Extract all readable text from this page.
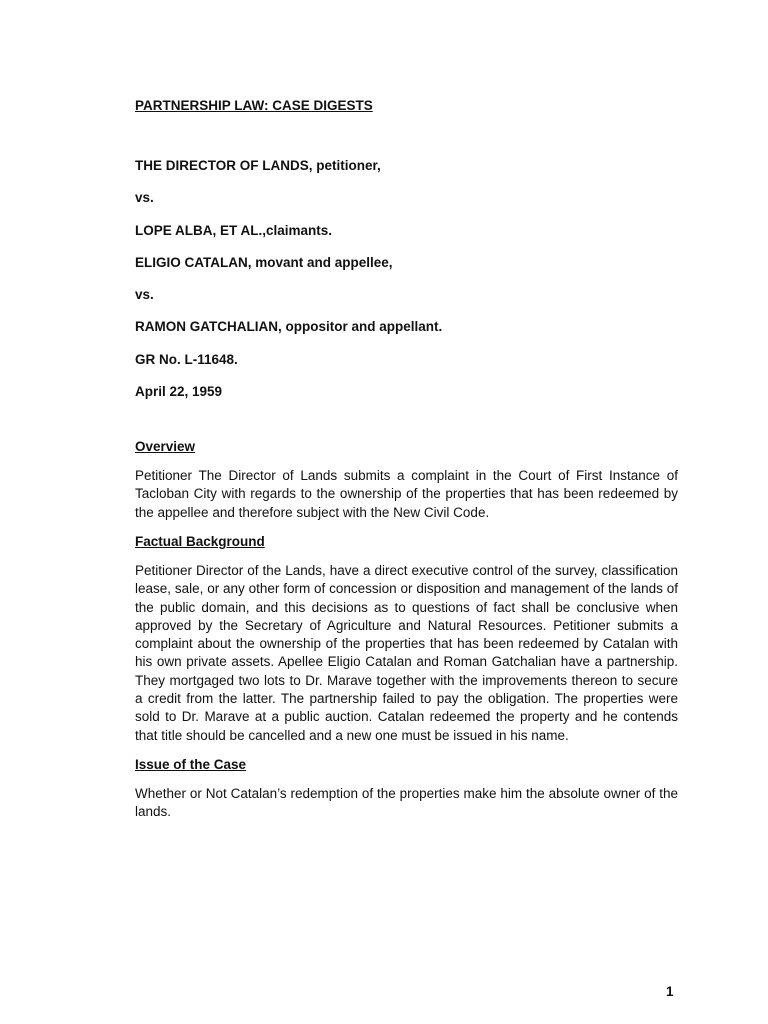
PARTNERSHIP LAW: CASE DIGESTS

THE DIRECTOR OF LANDS, petitioner,

vs.

LOPE ALBA, ET AL.,claimants.

ELIGIO CATALAN, movant and appellee,

vs.

RAMON GATCHALIAN, oppositor and appellant.

GR No. L-11648.

April 22, 1959

Overview

Petitioner The Director of Lands submits a complaint in the Court of First Instance of Tacloban City with regards to the ownership of the properties that has been redeemed by the appellee and therefore subject with the New Civil Code.

Factual Background

Petitioner Director of the Lands, have a direct executive control of the survey, classification lease, sale, or any other form of concession or disposition and management of the lands of the public domain, and this decisions as to questions of fact shall be conclusive when approved by the Secretary of Agriculture and Natural Resources. Petitioner submits a complaint about the ownership of the properties that has been redeemed by Catalan with his own private assets. Apellee Eligio Catalan and Roman Gatchalian have a partnership. They mortgaged two lots to Dr. Marave together with the improvements thereon to secure a credit from the latter. The partnership failed to pay the obligation. The properties were sold to Dr. Marave at a public auction. Catalan redeemed the property and he contends that title should be cancelled and a new one must be issued in his name.

Issue of the Case

Whether or Not Catalan’s redemption of the properties make him the absolute owner of the lands.

1
